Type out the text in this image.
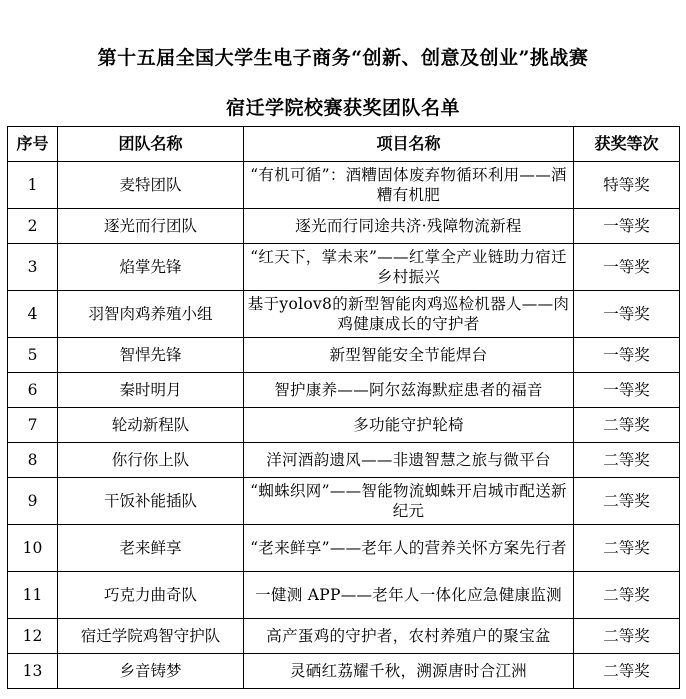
第十五届全国大学生电子商务“创新、创意及创业”挑战赛
宿迁学院校赛获奖团队名单
序号	团队名称	项目名称	获奖等次
1	麦特团队	“有机可循”：酒糟固体废弃物循环利用——酒糟有机肥	特等奖
2	逐光而行团队	逐光而行同途共济·残障物流新程	一等奖
3	焰掌先锋	“红天下，掌未来”——红掌全产业链助力宿迁乡村振兴	一等奖
4	羽智肉鸡养殖小组	基于yolov8的新型智能肉鸡巡检机器人——肉鸡健康成长的守护者	一等奖
5	智悍先锋	新型智能安全节能焊台	一等奖
6	秦时明月	智护康养——阿尔兹海默症患者的福音	一等奖
7	轮动新程队	多功能守护轮椅	二等奖
8	你行你上队	洋河酒韵遗风——非遗智慧之旅与微平台	二等奖
9	干饭补能插队	“蜘蛛织网”——智能物流蜘蛛开启城市配送新纪元	二等奖
10	老来鲜享	“老来鲜享”——老年人的营养关怀方案先行者	二等奖
11	巧克力曲奇队	一健测 APP——老年人一体化应急健康监测	二等奖
12	宿迁学院鸡智守护队	高产蛋鸡的守护者，农村养殖户的聚宝盆	二等奖
13	乡音铸梦	灵硒红荔耀千秋，溯源唐时合江洲	二等奖
